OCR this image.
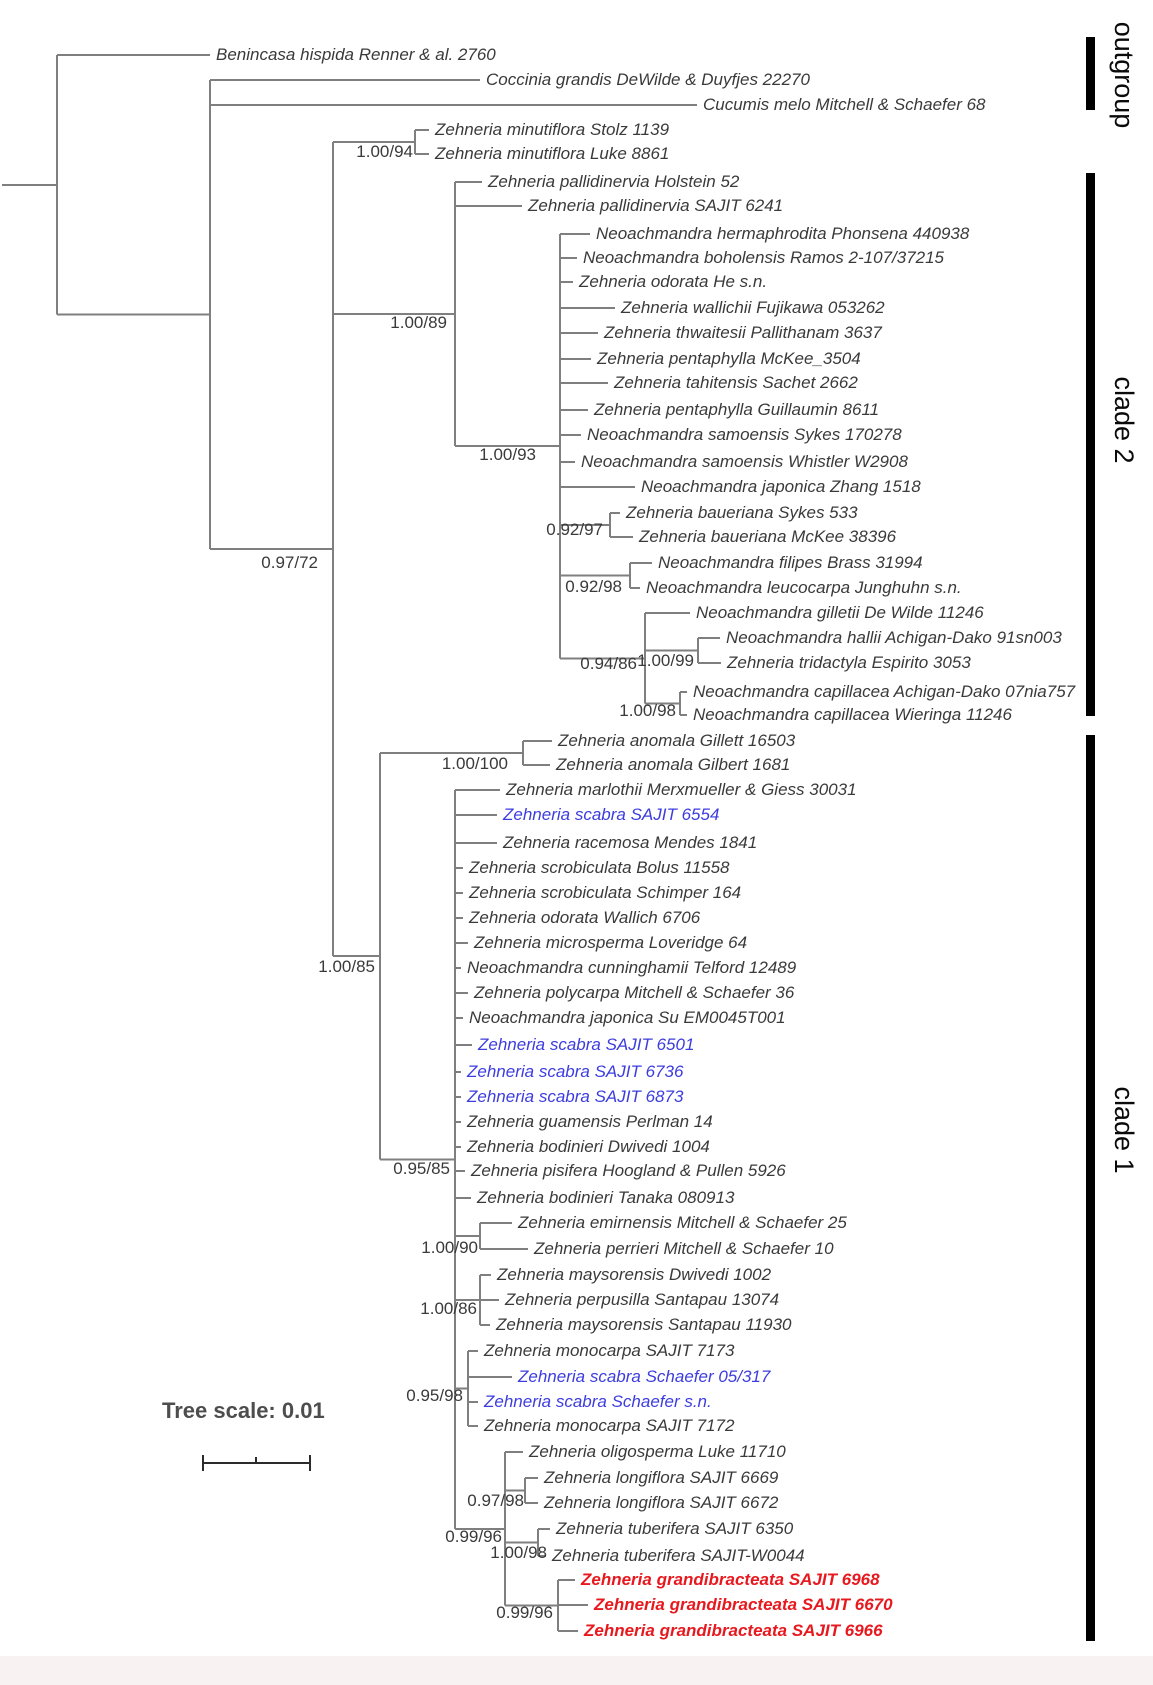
Tree scale: 0.01
Benincasa hispida Renner & al. 2760
Coccinia grandis DeWilde & Duyfjes 22270
Cucumis melo Mitchell & Schaefer 68
0.97/72
1.00/94
Zehneria minutiflora Stolz 1139
Zehneria minutiflora Luke 8861
1.00/89
Zehneria pallidinervia Holstein 52
Zehneria pallidinervia SAJIT 6241
1.00/93
Neoachmandra hermaphrodita Phonsena 440938
Neoachmandra boholensis Ramos 2-107/37215
Zehneria odorata He s.n.
Zehneria wallichii Fujikawa 053262
Zehneria thwaitesii Pallithanam 3637
Zehneria pentaphylla McKee_3504
Zehneria tahitensis Sachet 2662
Zehneria pentaphylla Guillaumin 8611
Neoachmandra samoensis Sykes 170278
Neoachmandra samoensis Whistler W2908
Neoachmandra japonica Zhang 1518
0.92/97
Zehneria baueriana Sykes 533
Zehneria baueriana McKee 38396
0.92/98
Neoachmandra filipes Brass 31994
Neoachmandra leucocarpa Junghuhn s.n.
0.94/86
Neoachmandra gilletii De Wilde 11246
1.00/99
Neoachmandra hallii Achigan-Dako 91sn003
Zehneria tridactyla Espirito 3053
1.00/98
Neoachmandra capillacea Achigan-Dako 07nia757
Neoachmandra capillacea Wieringa 11246
1.00/85
1.00/100
Zehneria anomala Gillett 16503
Zehneria anomala Gilbert 1681
0.95/85
Zehneria marlothii Merxmueller & Giess 30031
Zehneria scabra SAJIT 6554
Zehneria racemosa Mendes 1841
Zehneria scrobiculata Bolus 11558
Zehneria scrobiculata Schimper 164
Zehneria odorata Wallich 6706
Zehneria microsperma Loveridge 64
Neoachmandra cunninghamii Telford 12489
Zehneria polycarpa Mitchell & Schaefer 36
Neoachmandra japonica Su EM0045T001
Zehneria scabra SAJIT 6501
Zehneria scabra SAJIT 6736
Zehneria scabra SAJIT 6873
Zehneria guamensis Perlman 14
Zehneria bodinieri Dwivedi 1004
Zehneria pisifera Hoogland & Pullen 5926
Zehneria bodinieri Tanaka 080913
1.00/90
Zehneria emirnensis Mitchell & Schaefer 25
Zehneria perrieri Mitchell & Schaefer 10
1.00/86
Zehneria maysorensis Dwivedi 1002
Zehneria perpusilla Santapau 13074
Zehneria maysorensis Santapau 11930
0.95/98
Zehneria monocarpa SAJIT 7173
Zehneria scabra Schaefer 05/317
Zehneria scabra Schaefer s.n.
Zehneria monocarpa SAJIT 7172
0.99/96
Zehneria oligosperma Luke 11710
0.97/98
Zehneria longiflora SAJIT 6669
Zehneria longiflora SAJIT 6672
1.00/98
Zehneria tuberifera SAJIT 6350
Zehneria tuberifera SAJIT-W0044
0.99/96
Zehneria grandibracteata SAJIT 6968
Zehneria grandibracteata SAJIT 6670
Zehneria grandibracteata SAJIT 6966
outgroup
clade 2
clade 1
